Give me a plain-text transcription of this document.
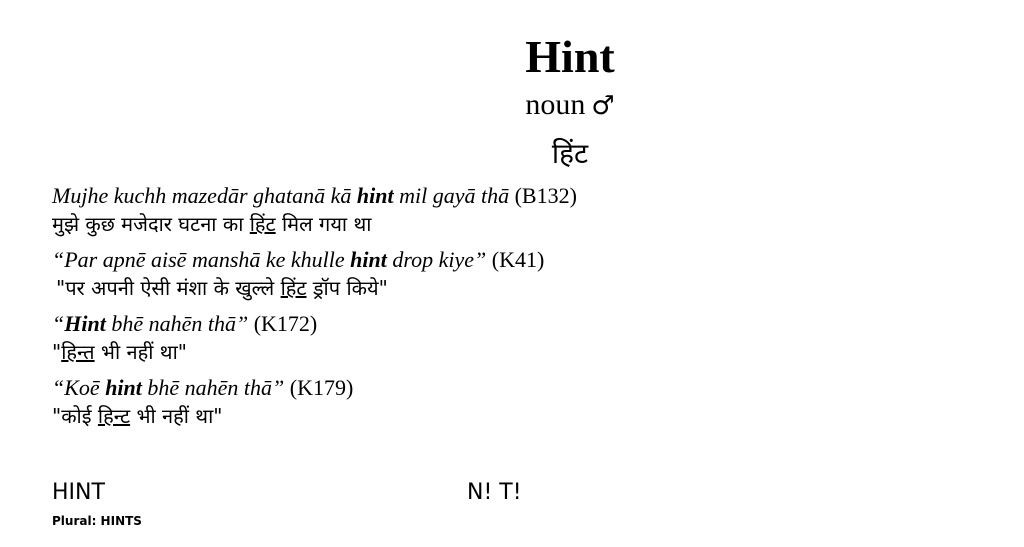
Hint
noun ♂
हिंट
Mujhe kuchh mazedār ghatanā kā hint mil gayā thā (B132)
मुझे कुछ मजेदार घटना का हिंट मिल गया था
“Par apnē aisē manshā ke khulle hint drop kiye” (K41)
"पर अपनी ऐसी मंशा के खुल्ले हिंट ड्रॉप किये"
“Hint bhē nahēn thā” (K172)
"हिन्त भी नहीं था"
“Koē hint bhē nahēn thā” (K179)
"कोई हिन्ट भी नहीं था"
HINT
Plural: HINTS
N! T!
